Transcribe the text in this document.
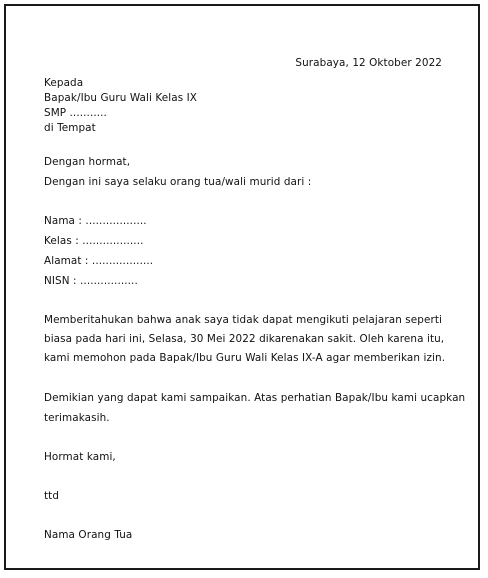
Surabaya, 12 Oktober 2022
Kepada
Bapak/Ibu Guru Wali Kelas IX
SMP ...........
di Tempat
Dengan hormat,
Dengan ini saya selaku orang tua/wali murid dari :
Nama : ..................
Kelas : ..................
Alamat : ..................
NISN : .................
Memberitahukan bahwa anak saya tidak dapat mengikuti pelajaran seperti
biasa pada hari ini, Selasa, 30 Mei 2022 dikarenakan sakit. Oleh karena itu,
kami memohon pada Bapak/Ibu Guru Wali Kelas IX-A agar memberikan izin.
Demikian yang dapat kami sampaikan. Atas perhatian Bapak/Ibu kami ucapkan
terimakasih.
Hormat kami,
ttd
Nama Orang Tua
